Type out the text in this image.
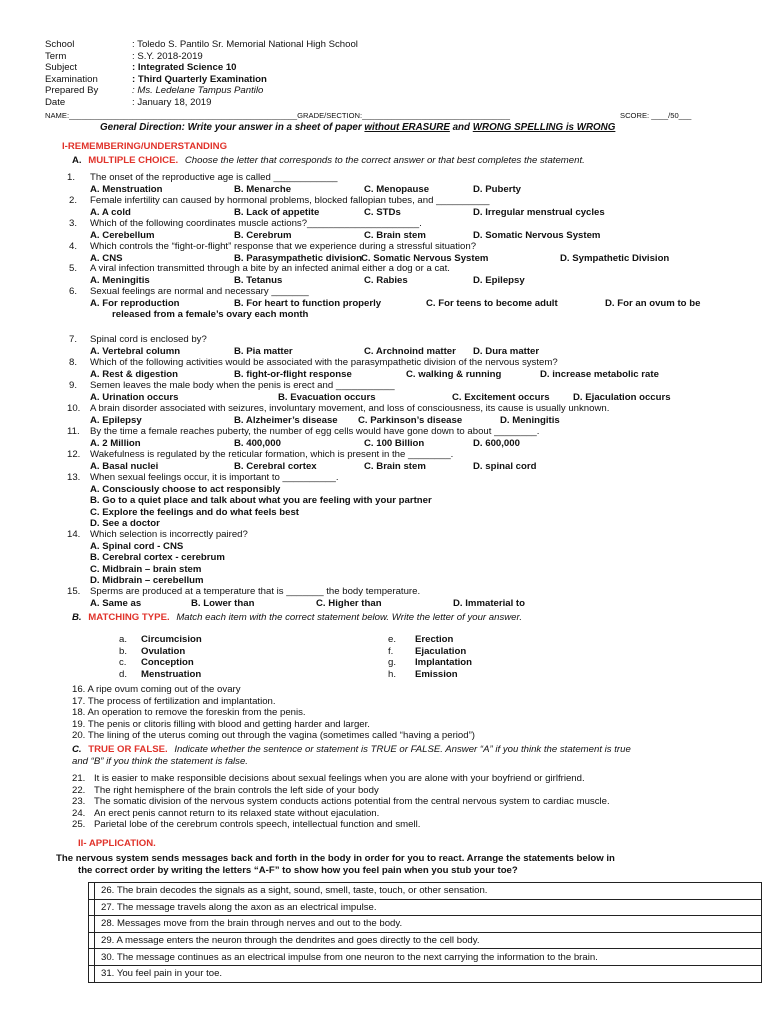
School	: Toledo S. Pantilo Sr. Memorial National High School
Term	: S.Y. 2018-2019
Subject	: Integrated Science 10
Examination	: Third Quarterly Examination
Prepared By	: Ms. Ledelane Tampus Pantilo
Date	: January 18, 2019
NAME:______________________________________________________GRADE/SECTION:___________________________________	SCORE: ____/50___
General Direction: Write your answer in a sheet of paper without ERASURE and WRONG SPELLING is WRONG
I-REMEMBERING/UNDERSTANDING
A. MULTIPLE CHOICE. Choose the letter that corresponds to the correct answer or that best completes the statement.
1. The onset of the reproductive age is called ____________
A. Menstruation	B. Menarche	C. Menopause	D. Puberty
2. Female infertility can caused by hormonal problems, blocked fallopian tubes, and __________
A. A cold	B. Lack of appetite	C. STDs	D. Irregular menstrual cycles
3. Which of the following coordinates muscle actions?_____________________.
A. Cerebellum	B. Cerebrum	C. Brain stem	D. Somatic Nervous System
4. Which controls the “fight-or-flight” response that we experience during a stressful situation?
A. CNS	B. Parasympathetic division C. Somatic Nervous System	D. Sympathetic Division
5. A viral infection transmitted through a bite by an infected animal either a dog or a cat.
A. Meningitis	B. Tetanus	C. Rabies	D. Epilepsy
6. Sexual feelings are normal and necessary _______
A. For reproduction	B. For heart to function properly	C. For teens to become adult	D. For an ovum to be
released from a female’s ovary each month
7. Spinal cord is enclosed by?
A. Vertebral column	B. Pia matter	C. Archnoind matter D. Dura matter
8. Which of the following activities would be associated with the parasympathetic division of the nervous system?
A. Rest & digestion	B. fight-or-flight response	C. walking & running	D. increase metabolic rate
9. Semen leaves the male body when the penis is erect and ___________
A. Urination occurs	B. Evacuation occurs	C. Excitement occurs D. Ejaculation occurs
10. A brain disorder associated with seizures, involuntary movement, and loss of consciousness, its cause is usually unknown.
A. Epilepsy	B. Alzheimer’s disease C. Parkinson’s disease	D. Meningitis
11. By the time a female reaches puberty, the number of egg cells would have gone down to about ________.
A. 2 Million	B. 400,000	C. 100 Billion	D. 600,000
12. Wakefulness is regulated by the reticular formation, which is present in the ________.
A. Basal nuclei	B. Cerebral cortex	C. Brain stem	D. spinal cord
13. When sexual feelings occur, it is important to __________.
A. Consciously choose to act responsibly
B. Go to a quiet place and talk about what you are feeling with your partner
C. Explore the feelings and do what feels best
D. See a doctor
14. Which selection is incorrectly paired?
A. Spinal cord - CNS
B. Cerebral cortex - cerebrum
C. Midbrain – brain stem
D. Midbrain – cerebellum
15. Sperms are produced at a temperature that is _______ the body temperature.
A. Same as	B. Lower than	C. Higher than	D. Immaterial to
B. MATCHING TYPE. Match each item with the correct statement below. Write the letter of your answer.
a. Circumcision
b. Ovulation
c. Conception
d. Menstruation
e. Erection
f. Ejaculation
g. Implantation
h. Emission
16. A ripe ovum coming out of the ovary
17. The process of fertilization and implantation.
18. An operation to remove the foreskin from the penis.
19. The penis or clitoris filling with blood and getting harder and larger.
20. The lining of the uterus coming out through the vagina (sometimes called “having a period”)
C. TRUE OR FALSE. Indicate whether the sentence or statement is TRUE or FALSE. Answer “A” if you think the statement is true
and “B” if you think the statement is false.
21. It is easier to make responsible decisions about sexual feelings when you are alone with your boyfriend or girlfriend.
22. The right hemisphere of the brain controls the left side of your body
23. The somatic division of the nervous system conducts actions potential from the central nervous system to cardiac muscle.
24. An erect penis cannot return to its relaxed state without ejaculation.
25. Parietal lobe of the cerebrum controls speech, intellectual function and smell.
II- APPLICATION.
The nervous system sends messages back and forth in the body in order for you to react. Arrange the statements below in
the correct order by writing the letters “A-F” to show how you feel pain when you stub your toe?
	26. The brain decodes the signals as a sight, sound, smell, taste, touch, or other sensation.
	27. The message travels along the axon as an electrical impulse.
	28. Messages move from the brain through nerves and out to the body.
	29. A message enters the neuron through the dendrites and goes directly to the cell body.
	30. The message continues as an electrical impulse from one neuron to the next carrying the information to the brain.
	31. You feel pain in your toe.
